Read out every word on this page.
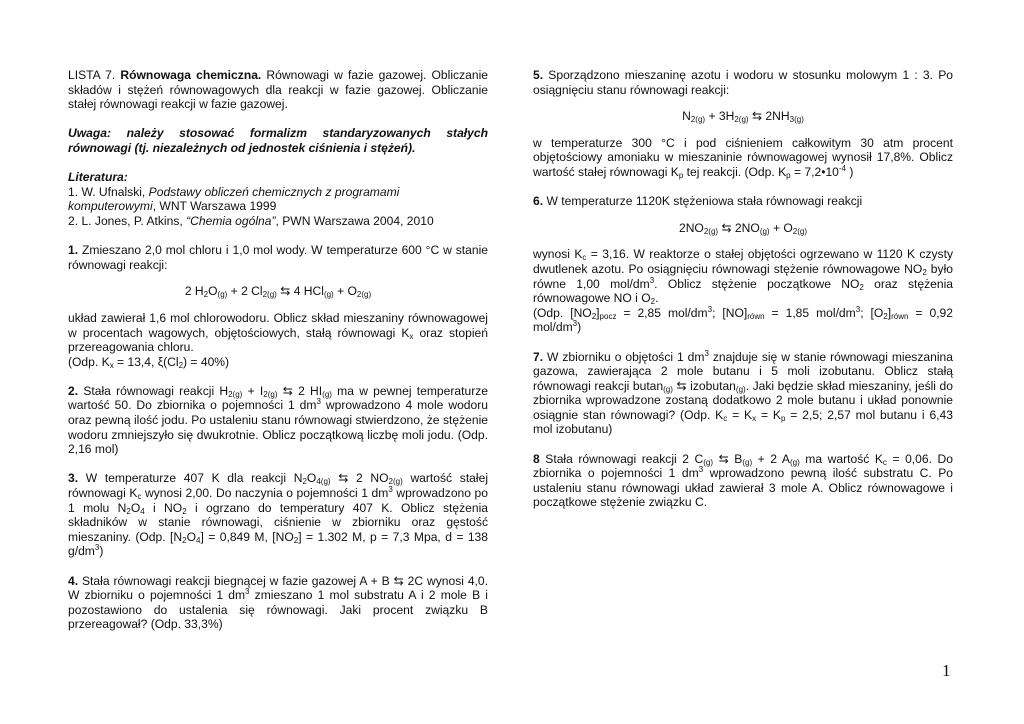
LISTA 7. Równowaga chemiczna. Równowagi w fazie gazowej. Obliczanie składów i stężeń równowagowych dla reakcji w fazie gazowej. Obliczanie stałej równowagi reakcji w fazie gazowej.

Uwaga: należy stosować formalizm standaryzowanych stałych równowagi (tj. niezależnych od jednostek ciśnienia i stężeń).

Literatura:
1. W. Ufnalski, Podstawy obliczeń chemicznych z programami komputerowymi, WNT Warszawa 1999
2. L. Jones, P. Atkins, “Chemia ogólna”, PWN Warszawa 2004, 2010

1. Zmieszano 2,0 mol chloru i 1,0 mol wody. W temperaturze 600 °C w stanie równowagi reakcji:

2 $H_2O_{(g)} + 2$ $Cl_{2(g)}$ ⇆ 4 $HCl_{(g)} + O_{2(g)}$

układ zawierał 1,6 mol chlorowodoru. Oblicz skład mieszaniny równowagowej w procentach wagowych, objętościowych, stałą równowagi $K_x$ oraz stopień przereagowania chloru.
(Odp. $K_x = 13,4$, $\xi(Cl_2) = 40\%$)

2. Stała równowagi reakcji $H_{2(g)} + I_{2(g)}$ ⇆ 2 $HI_{(g)}$ ma w pewnej temperaturze wartość 50. Do zbiornika o pojemności 1 $dm^3$ wprowadzono 4 mole wodoru oraz pewną ilość jodu. Po ustaleniu stanu równowagi stwierdzono, że stężenie wodoru zmniejszyło się dwukrotnie. Oblicz początkową liczbę moli jodu. (Odp. 2,16 mol)

3. W temperaturze 407 K dla reakcji $N_2O_{4(g)}$ ⇆ 2 $NO_{2(g)}$ wartość stałej równowagi $K_c$ wynosi 2,00. Do naczynia o pojemności 1 $dm^3$ wprowadzono po 1 molu $N_2O_4$ i $NO_2$ i ogrzano do temperatury 407 K. Oblicz stężenia składników w stanie równowagi, ciśnienie w zbiorniku oraz gęstość mieszaniny. (Odp. $[N_2O_4] = 0,849$ M, $[NO_2] = 1.302$ M, p = 7,3 Mpa, d = 138 $g/dm^3$)

4. Stała równowagi reakcji biegnącej w fazie gazowej A + B ⇆ 2C wynosi 4,0. W zbiorniku o pojemności 1 $dm^3$ zmieszano 1 mol substratu A i 2 mole B i pozostawiono do ustalenia się równowagi. Jaki procent związku B przereagował? (Odp. 33,3%)

5. Sporządzono mieszaninę azotu i wodoru w stosunku molowym 1 : 3. Po osiągnięciu stanu równowagi reakcji:

$N_{2(g)} + 3H_{2(g)}$ ⇆ $2NH_{3(g)}$

w temperaturze 300 °C i pod ciśnieniem całkowitym 30 atm procent objętościowy amoniaku w mieszaninie równowagowej wynosił 17,8%. Oblicz wartość stałej równowagi $K_p$ tej reakcji. (Odp. $K_p$ = $7,2•10^{-4}$ )

6. W temperaturze 1120K stężeniowa stała równowagi reakcji

$2NO_{2(g)}$ ⇆ $2NO_{(g)} + O_{2(g)}$

wynosi $K_c = 3,16$. W reaktorze o stałej objętości ogrzewano w 1120 K czysty dwutlenek azotu. Po osiągnięciu równowagi stężenie równowagowe $NO_2$ było równe 1,00 mol/$dm^3$. Oblicz stężenie początkowe $NO_2$ oraz stężenia równowagowe NO i $O_2$.
(Odp. $[NO_2]_{pocz} = 2,85$ mol/$dm^3$; $[NO]_{równ} = 1,85$ mol/$dm^3$; $[O_2]_{równ} = 0,92$ mol/$dm^3$)

7. W zbiorniku o objętości 1 $dm^3$ znajduje się w stanie równowagi mieszanina gazowa, zawierająca 2 mole butanu i 5 moli izobutanu. Oblicz stałą równowagi reakcji butan$_{(g)}$ ⇆ izobutan$_{(g)}$. Jaki będzie skład mieszaniny, jeśli do zbiornika wprowadzone zostaną dodatkowo 2 mole butanu i układ ponownie osiągnie stan równowagi? (Odp. $K_c = K_x = K_p = 2,5$; 2,57 mol butanu i 6,43 mol izobutanu)

8 Stała równowagi reakcji 2 $C_{(g)}$ ⇆ $B_{(g)} + 2$ $A_{(g)}$ ma wartość $K_c = 0,06$. Do zbiornika o pojemności 1 $dm^3$ wprowadzono pewną ilość substratu C. Po ustaleniu stanu równowagi układ zawierał 3 mole A. Oblicz równowagowe i początkowe stężenie związku C.

1
